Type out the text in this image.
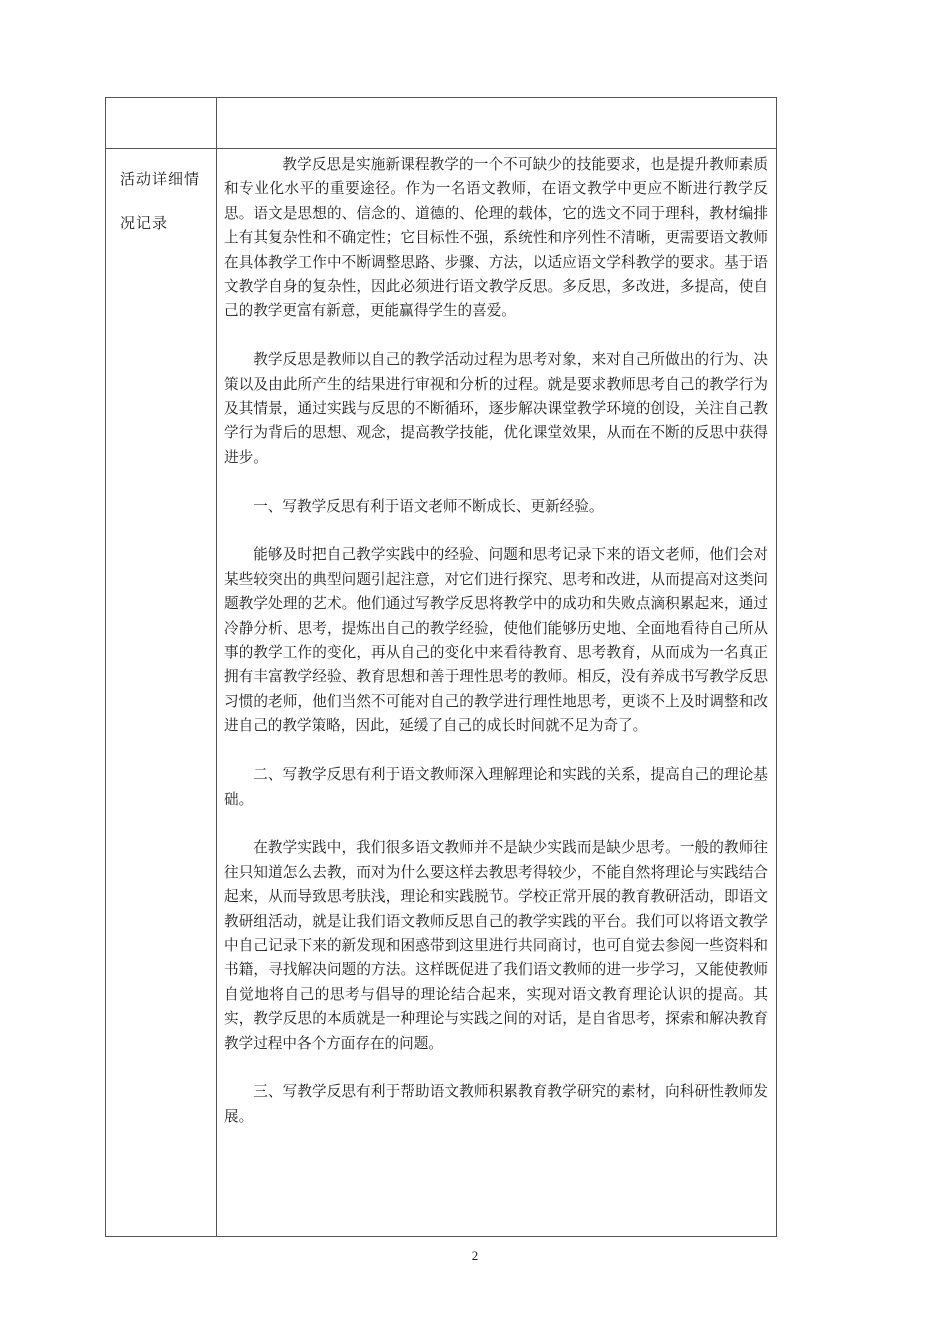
活动详细情
况记录

教学反思是实施新课程教学的一个不可缺少的技能要求，也是提升教师素质和专业化水平的重要途径。作为一名语文教师，在语文教学中更应不断进行教学反思。语文是思想的、信念的、道德的、伦理的载体，它的选文不同于理科，教材编排上有其复杂性和不确定性；它目标性不强，系统性和序列性不清晰，更需要语文教师在具体教学工作中不断调整思路、步骤、方法，以适应语文学科教学的要求。基于语文教学自身的复杂性，因此必须进行语文教学反思。多反思，多改进，多提高，使自己的教学更富有新意，更能赢得学生的喜爱。

教学反思是教师以自己的教学活动过程为思考对象，来对自己所做出的行为、决策以及由此所产生的结果进行审视和分析的过程。就是要求教师思考自己的教学行为及其情景，通过实践与反思的不断循环，逐步解决课堂教学环境的创设，关注自己教学行为背后的思想、观念，提高教学技能，优化课堂效果，从而在不断的反思中获得进步。

一、写教学反思有利于语文老师不断成长、更新经验。

能够及时把自己教学实践中的经验、问题和思考记录下来的语文老师，他们会对某些较突出的典型问题引起注意，对它们进行探究、思考和改进，从而提高对这类问题教学处理的艺术。他们通过写教学反思将教学中的成功和失败点滴积累起来，通过冷静分析、思考，提炼出自己的教学经验，使他们能够历史地、全面地看待自己所从事的教学工作的变化，再从自己的变化中来看待教育、思考教育，从而成为一名真正拥有丰富教学经验、教育思想和善于理性思考的教师。相反，没有养成书写教学反思习惯的老师，他们当然不可能对自己的教学进行理性地思考，更谈不上及时调整和改进自己的教学策略，因此，延缓了自己的成长时间就不足为奇了。

二、写教学反思有利于语文教师深入理解理论和实践的关系，提高自己的理论基础。

在教学实践中，我们很多语文教师并不是缺少实践而是缺少思考。一般的教师往往只知道怎么去教，而对为什么要这样去教思考得较少，不能自然将理论与实践结合起来，从而导致思考肤浅，理论和实践脱节。学校正常开展的教育教研活动，即语文教研组活动，就是让我们语文教师反思自己的教学实践的平台。我们可以将语文教学中自己记录下来的新发现和困惑带到这里进行共同商讨，也可自觉去参阅一些资料和书籍，寻找解决问题的方法。这样既促进了我们语文教师的进一步学习，又能使教师自觉地将自己的思考与倡导的理论结合起来，实现对语文教育理论认识的提高。其实，教学反思的本质就是一种理论与实践之间的对话，是自省思考，探索和解决教育教学过程中各个方面存在的问题。

三、写教学反思有利于帮助语文教师积累教育教学研究的素材，向科研性教师发展。

2
